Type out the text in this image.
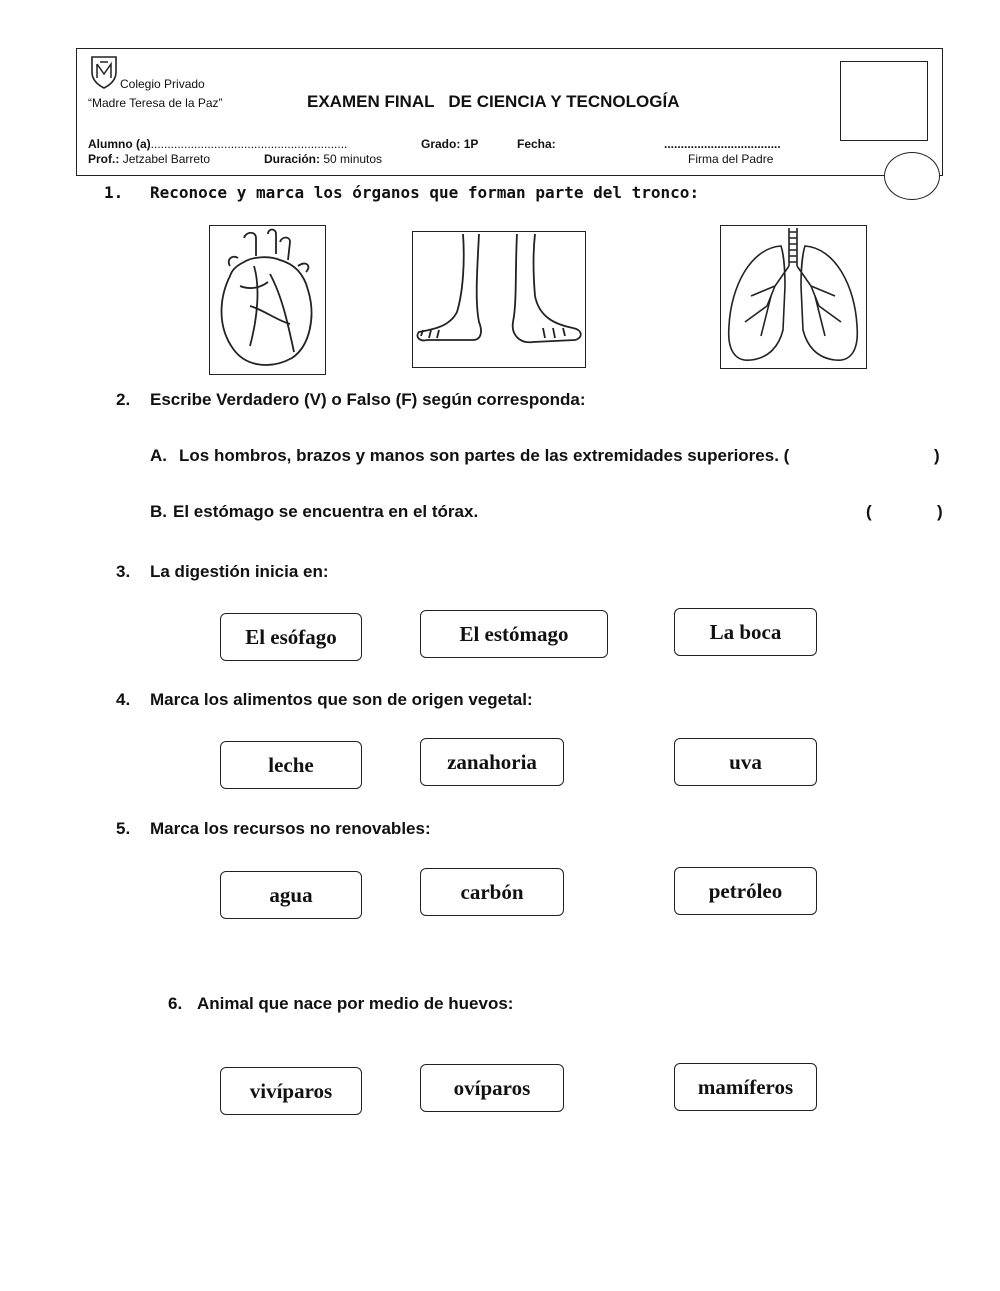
Colegio Privado
“Madre Teresa de la Paz”	EXAMEN FINAL   DE CIENCIA Y TECNOLOGÍA
Alumno (a)...........................................................	Grado: 1P	Fecha:	...................................
Prof.: Jetzabel Barreto	Duración: 50 minutos	Firma del Padre
1. Reconoce y marca los órganos que forman parte del tronco:
2. Escribe Verdadero (V) o Falso (F) según corresponda:
A. Los hombros, brazos y manos son partes de las extremidades superiores. (	)
B. El estómago se encuentra en el tórax.	(	)
3. La digestión inicia en:
El esófago	El estómago	La boca
4. Marca los alimentos que son de origen vegetal:
leche	zanahoria	uva
5. Marca los recursos no renovables:
agua	carbón	petróleo
6. Animal que nace por medio de huevos:
vivíparos	ovíparos	mamíferos
